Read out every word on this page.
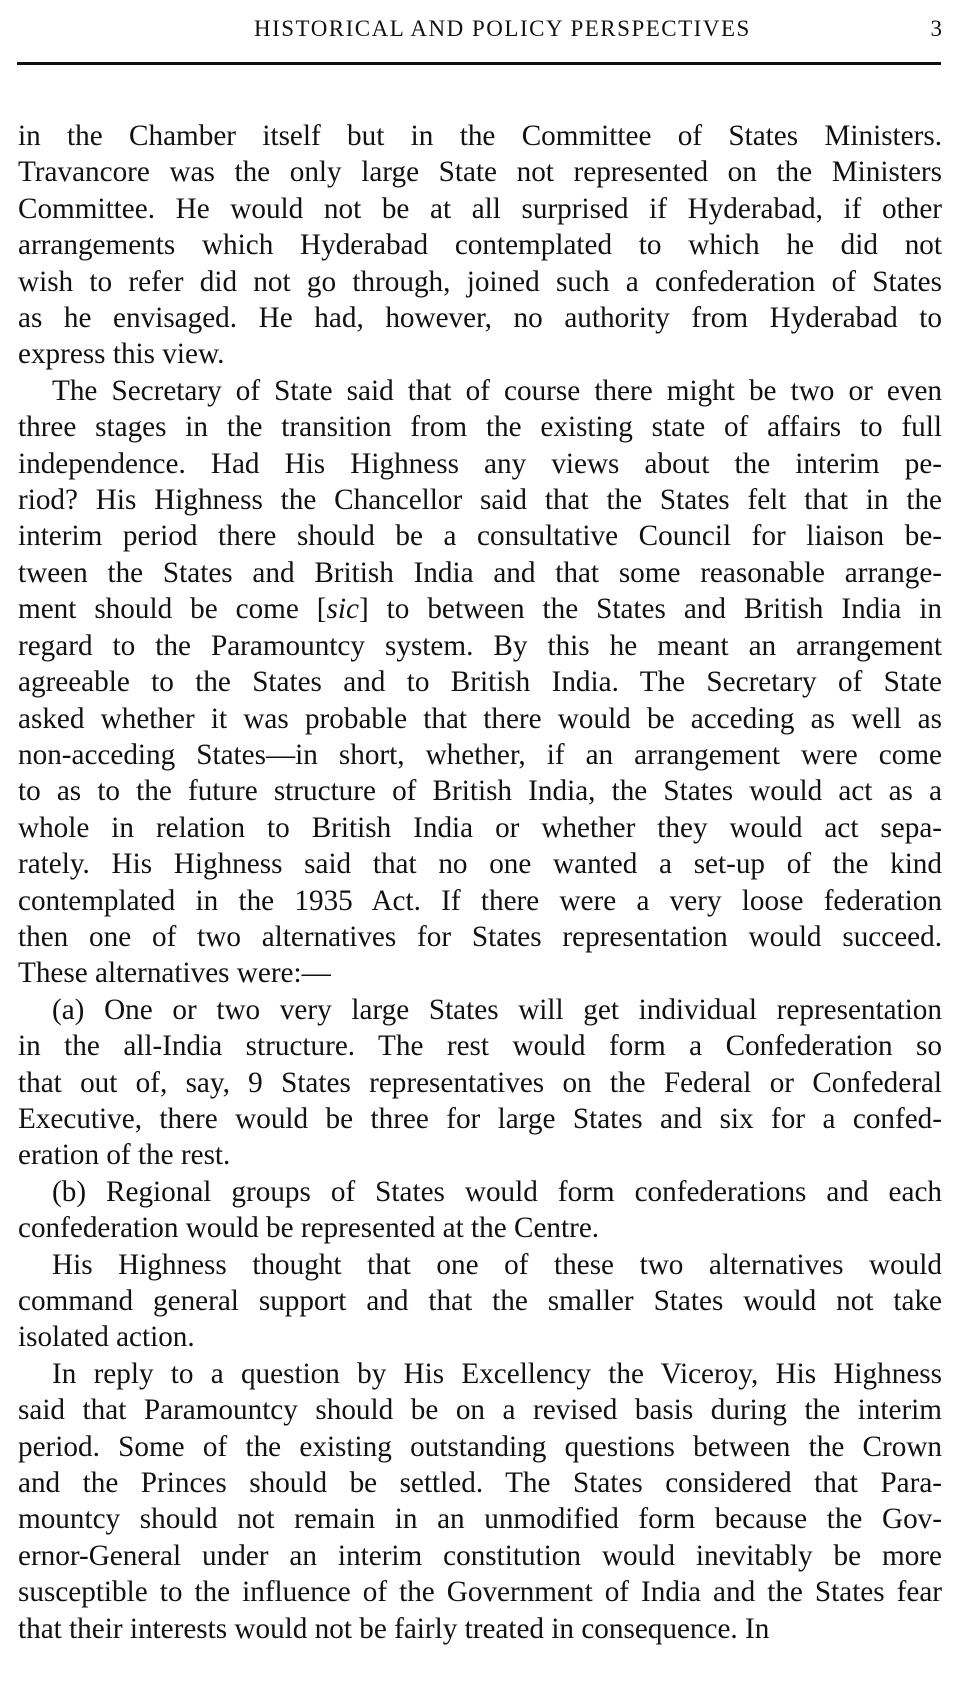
HISTORICAL AND POLICY PERSPECTIVES	3

in the Chamber itself but in the Committee of States Ministers.
Travancore was the only large State not represented on the Ministers
Committee. He would not be at all surprised if Hyderabad, if other
arrangements which Hyderabad contemplated to which he did not
wish to refer did not go through, joined such a confederation of States
as he envisaged. He had, however, no authority from Hyderabad to
express this view.

The Secretary of State said that of course there might be two or even
three stages in the transition from the existing state of affairs to full
independence. Had His Highness any views about the interim pe-
riod? His Highness the Chancellor said that the States felt that in the
interim period there should be a consultative Council for liaison be-
tween the States and British India and that some reasonable arrange-
ment should be come [sic] to between the States and British India in
regard to the Paramountcy system. By this he meant an arrangement
agreeable to the States and to British India. The Secretary of State
asked whether it was probable that there would be acceding as well as
non-acceding States—in short, whether, if an arrangement were come
to as to the future structure of British India, the States would act as a
whole in relation to British India or whether they would act sepa-
rately. His Highness said that no one wanted a set-up of the kind
contemplated in the 1935 Act. If there were a very loose federation
then one of two alternatives for States representation would succeed.
These alternatives were:—

(a) One or two very large States will get individual representation
in the all-India structure. The rest would form a Confederation so
that out of, say, 9 States representatives on the Federal or Confederal
Executive, there would be three for large States and six for a confed-
eration of the rest.

(b) Regional groups of States would form confederations and each
confederation would be represented at the Centre.

His Highness thought that one of these two alternatives would
command general support and that the smaller States would not take
isolated action.

In reply to a question by His Excellency the Viceroy, His Highness
said that Paramountcy should be on a revised basis during the interim
period. Some of the existing outstanding questions between the Crown
and the Princes should be settled. The States considered that Para-
mountcy should not remain in an unmodified form because the Gov-
ernor-General under an interim constitution would inevitably be more
susceptible to the influence of the Government of India and the States fear
that their interests would not be fairly treated in consequence. In
